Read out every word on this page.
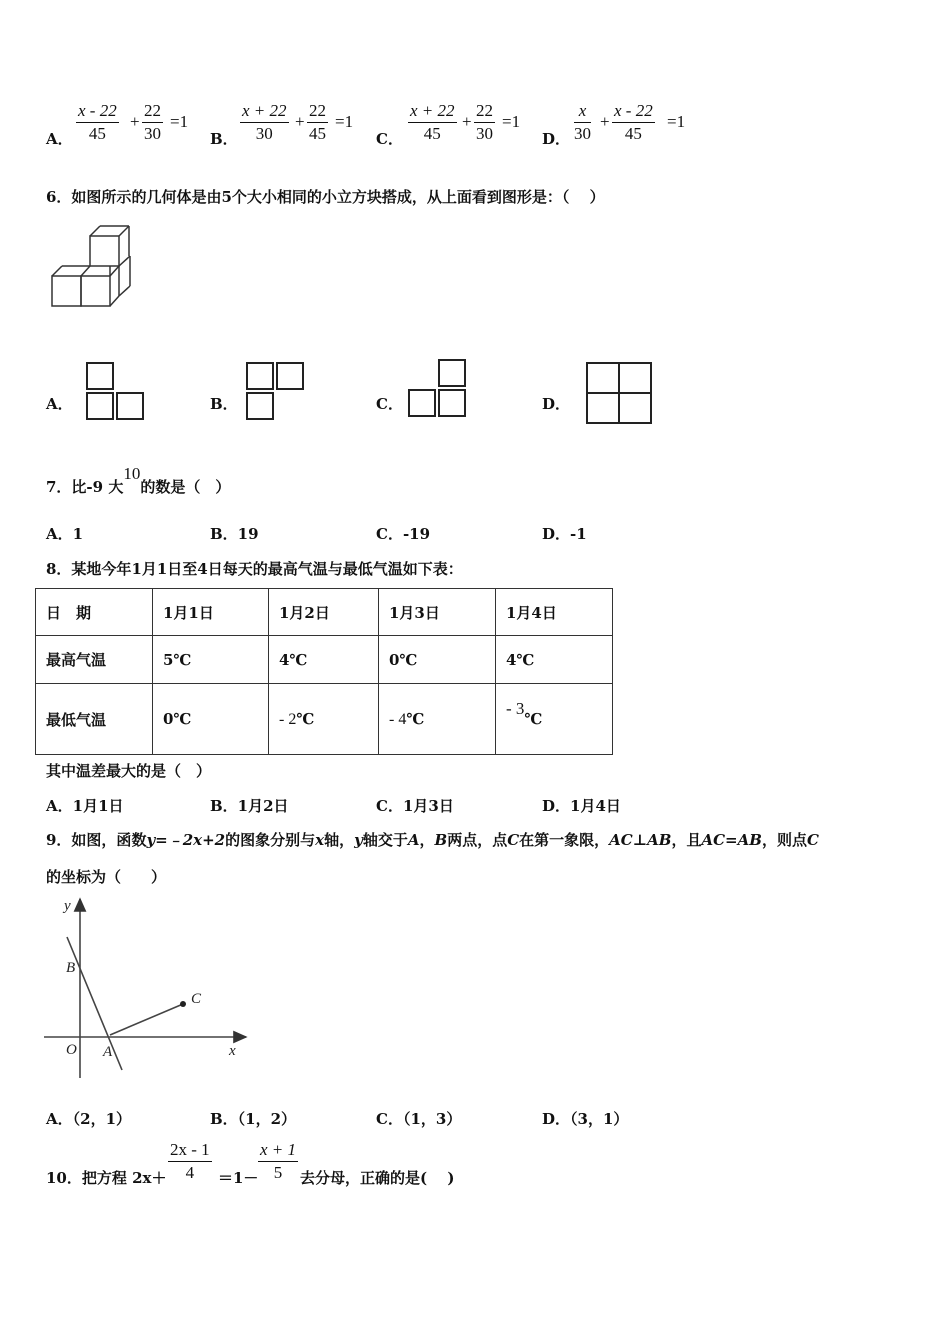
A． $\frac{x - 22}{45} + \frac{22}{30} =1$
B． $\frac{x + 22}{30} + \frac{22}{45} =1$
C． $\frac{x + 22}{45} + \frac{22}{30} =1$
D． $\frac{x}{30} + \frac{x - 22}{45} =1$
6．如图所示的几何体是由5个大小相同的小立方块搭成，从上面看到图形是：（　 ）
A．	B．	C．	D．
7．比-9 大10的数是（　）
A．1	B．19	C．-19	D．-1
8．某地今年1月1日至4日每天的最高气温与最低气温如下表：
日　期	1月1日	1月2日	1月3日	1月4日
最高气温	5℃	4℃	0℃	4℃
最低气温	0℃	- 2℃	- 4℃	- 3℃
其中温差最大的是（　）
A．1月1日	B．1月2日	C．1月3日	D．1月4日
9．如图，函数y=﹣2x+2的图象分别与x轴，y轴交于A，B两点，点C在第一象限，AC⊥AB，且AC=AB，则点C
的坐标为（　　）
y
B
C
O A	x
A．（2，1）	B．（1，2）	C．（1，3）	D．（3，1）
10．把方程 $2x+ \frac{2x - 1}{4} =1- \frac{x + 1}{5}$ 去分母，正确的是(　 )
